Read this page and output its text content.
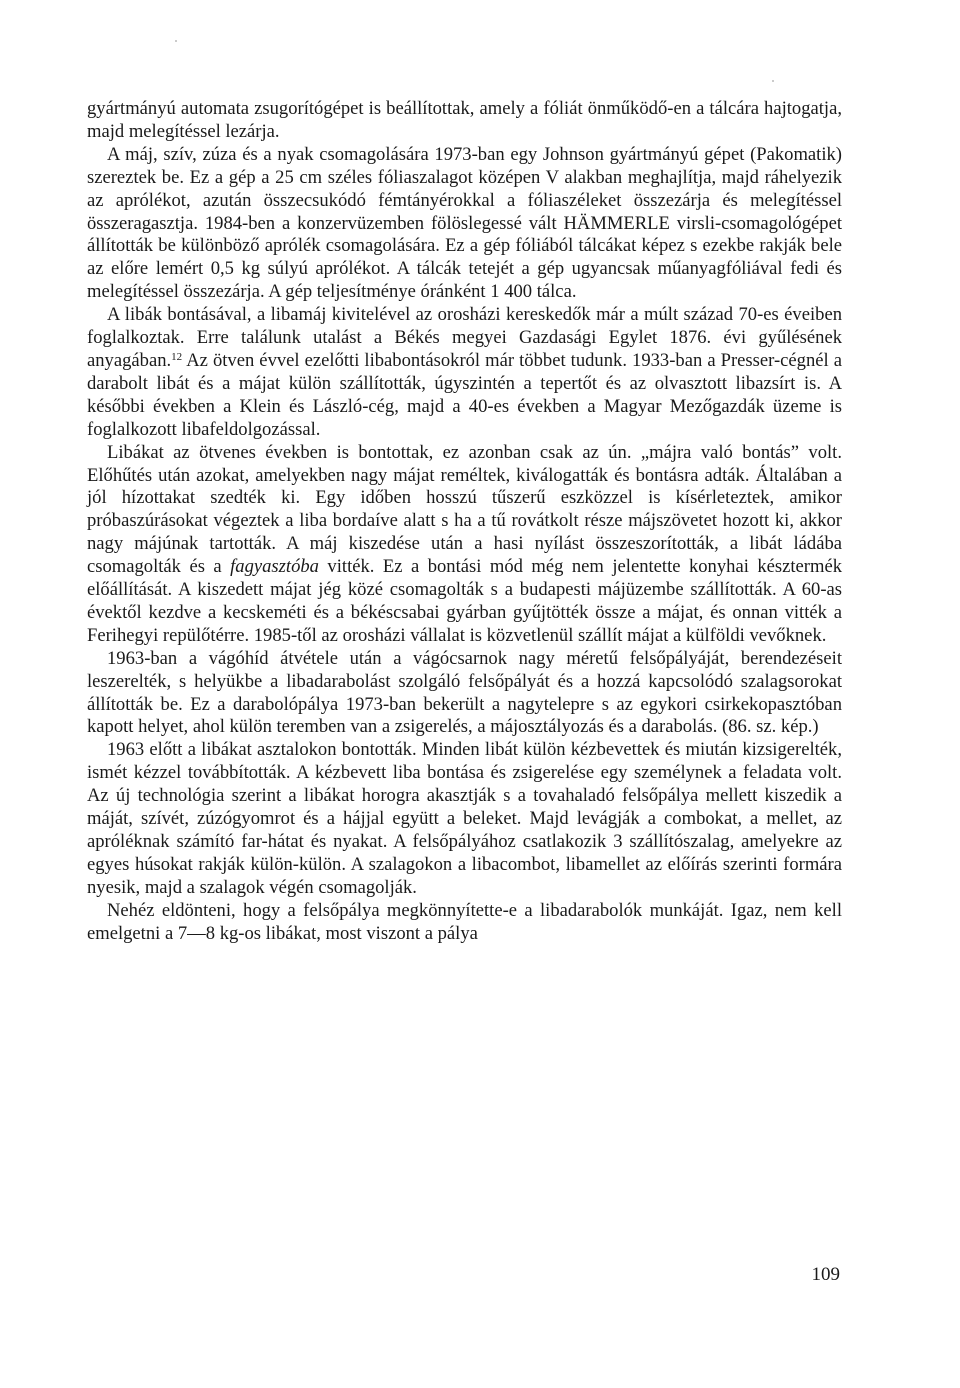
gyártmányú automata zsugorítógépet is beállítottak, amely a fóliát önműködő-en a tálcára hajtogatja, majd melegítéssel lezárja.

A máj, szív, zúza és a nyak csomagolására 1973-ban egy Johnson gyártmányú gépet (Pakomatik) szereztek be. Ez a gép a 25 cm széles fóliaszalagot középen V alakban meghajlítja, majd ráhelyezik az aprólékot, azután összecsukódó fémtányérokkal a fóliaszéleket összezárja és melegítéssel összeragasztja. 1984-ben a konzervüzemben fölöslegessé vált HÄMMERLE virsli-csomagológépet állították be különböző aprólék csomagolására. Ez a gép fóliából tálcákat képez s ezekbe rakják bele az előre lemért 0,5 kg súlyú aprólékot. A tálcák tetejét a gép ugyancsak műanyagfóliával fedi és melegítéssel összezárja. A gép teljesítménye óránként 1 400 tálca.

A libák bontásával, a libamáj kivitelével az orosházi kereskedők már a múlt század 70-es éveiben foglalkoztak. Erre találunk utalást a Békés megyei Gazdasági Egylet 1876. évi gyűlésének anyagában.$^{12}$ Az ötven évvel ezelőtti libabontásokról már többet tudunk. 1933-ban a Presser-cégnél a darabolt libát és a májat külön szállították, úgyszintén a tepertőt és az olvasztott libazsírt is. A későbbi években a Klein és László-cég, majd a 40-es években a Magyar Mezőgazdák üzeme is foglalkozott libafeldolgozással.

Libákat az ötvenes években is bontottak, ez azonban csak az ún. „májra való bontás” volt. Előhűtés után azokat, amelyekben nagy májat reméltek, kiválogatták és bontásra adták. Általában a jól hízottakat szedték ki. Egy időben hosszú tűszerű eszközzel is kísérleteztek, amikor próbaszúrásokat végeztek a liba bordaíve alatt s ha a tű rovátkolt része májszövetet hozott ki, akkor nagy májúnak tartották. A máj kiszedése után a hasi nyílást összeszorították, a libát ládába csomagolták és a fagyasztóba vitték. Ez a bontási mód még nem jelentette konyhai késztermék előállítását. A kiszedett májat jég közé csomagolták s a budapesti májüzembe szállították. A 60-as évektől kezdve a kecskeméti és a békéscsabai gyárban gyűjtötték össze a májat, és onnan vitték a Ferihegyi repülőtérre. 1985-től az orosházi vállalat is közvetlenül szállít májat a külföldi vevőknek.

1963-ban a vágóhíd átvétele után a vágócsarnok nagy méretű felsőpályáját, berendezéseit leszerelték, s helyükbe a libadarabolást szolgáló felsőpályát és a hozzá kapcsolódó szalagsorokat állították be. Ez a darabolópálya 1973-ban bekerült a nagytelepre s az egykori csirkekopasztóban kapott helyet, ahol külön teremben van a zsigerelés, a májosztályozás és a darabolás. (86. sz. kép.)

1963 előtt a libákat asztalokon bontották. Minden libát külön kézbevettek és miután kizsigerelték, ismét kézzel továbbították. A kézbevett liba bontása és zsigerelése egy személynek a feladata volt. Az új technológia szerint a libákat horogra akasztják s a tovahaladó felsőpálya mellett kiszedik a máját, szívét, zúzógyomrot és a hájjal együtt a beleket. Majd levágják a combokat, a mellet, az apróléknak számító far-hátat és nyakat. A felsőpályához csatlakozik 3 szállítószalag, amelyekre az egyes húsokat rakják külön-külön. A szalagokon a libacombot, libamellet az előírás szerinti formára nyesik, majd a szalagok végén csomagolják.

Nehéz eldönteni, hogy a felsőpálya megkönnyítette-e a libadarabolók munkáját. Igaz, nem kell emelgetni a 7—8 kg-os libákat, most viszont a pálya

109
